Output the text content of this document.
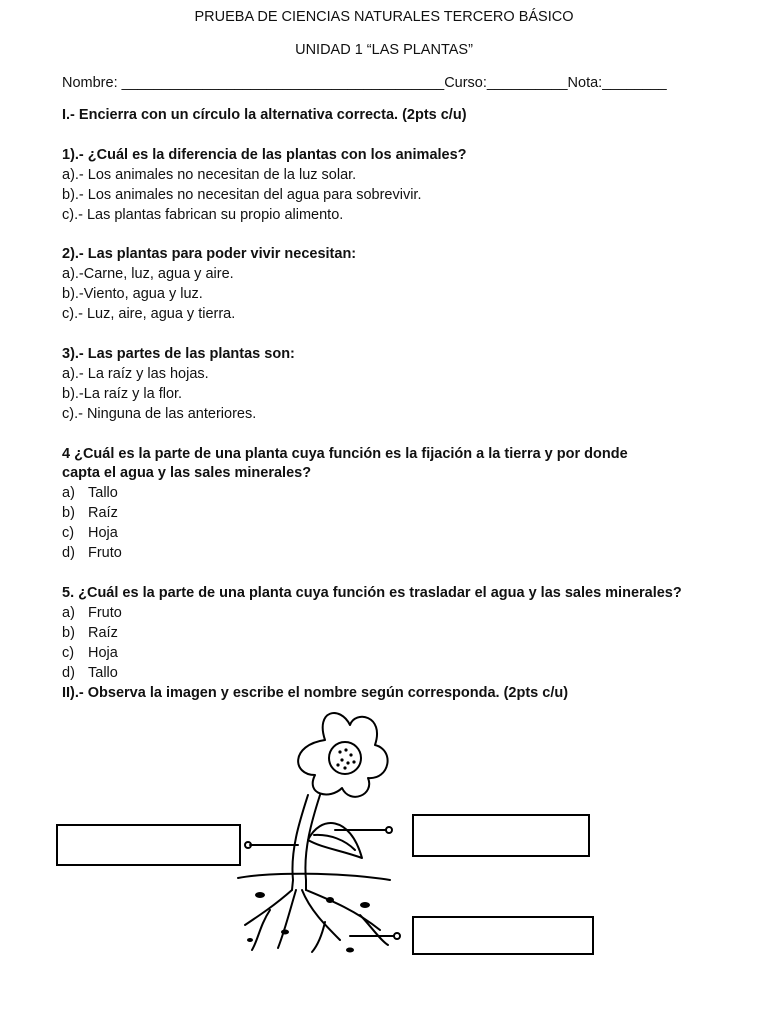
PRUEBA DE CIENCIAS NATURALES TERCERO BÁSICO
UNIDAD 1 “LAS PLANTAS”
Nombre: ________________________________________Curso:__________Nota:________
I.- Encierra con un círculo la alternativa correcta. (2pts c/u)
1).- ¿Cuál es la diferencia de las plantas con los animales?
a).- Los animales no necesitan de la luz solar.
b).- Los animales no necesitan del agua para sobrevivir.
c).- Las plantas fabrican su propio alimento.
2).- Las plantas para poder vivir necesitan:
a).-Carne, luz, agua y aire.
b).-Viento, agua y luz.
c).- Luz, aire, agua y tierra.
3).- Las partes de las plantas son:
a).- La raíz y las hojas.
b).-La raíz y la flor.
c).- Ninguna de las anteriores.
4 ¿Cuál es la parte de una planta cuya función es la fijación a la tierra y por donde
capta el agua y las sales minerales?
a) Tallo
b) Raíz
c) Hoja
d) Fruto
5. ¿Cuál es la parte de una planta cuya función es trasladar el agua y las sales minerales?
a) Fruto
b) Raíz
c) Hoja
d) Tallo
II).- Observa la imagen y escribe el nombre según corresponda. (2pts c/u)
